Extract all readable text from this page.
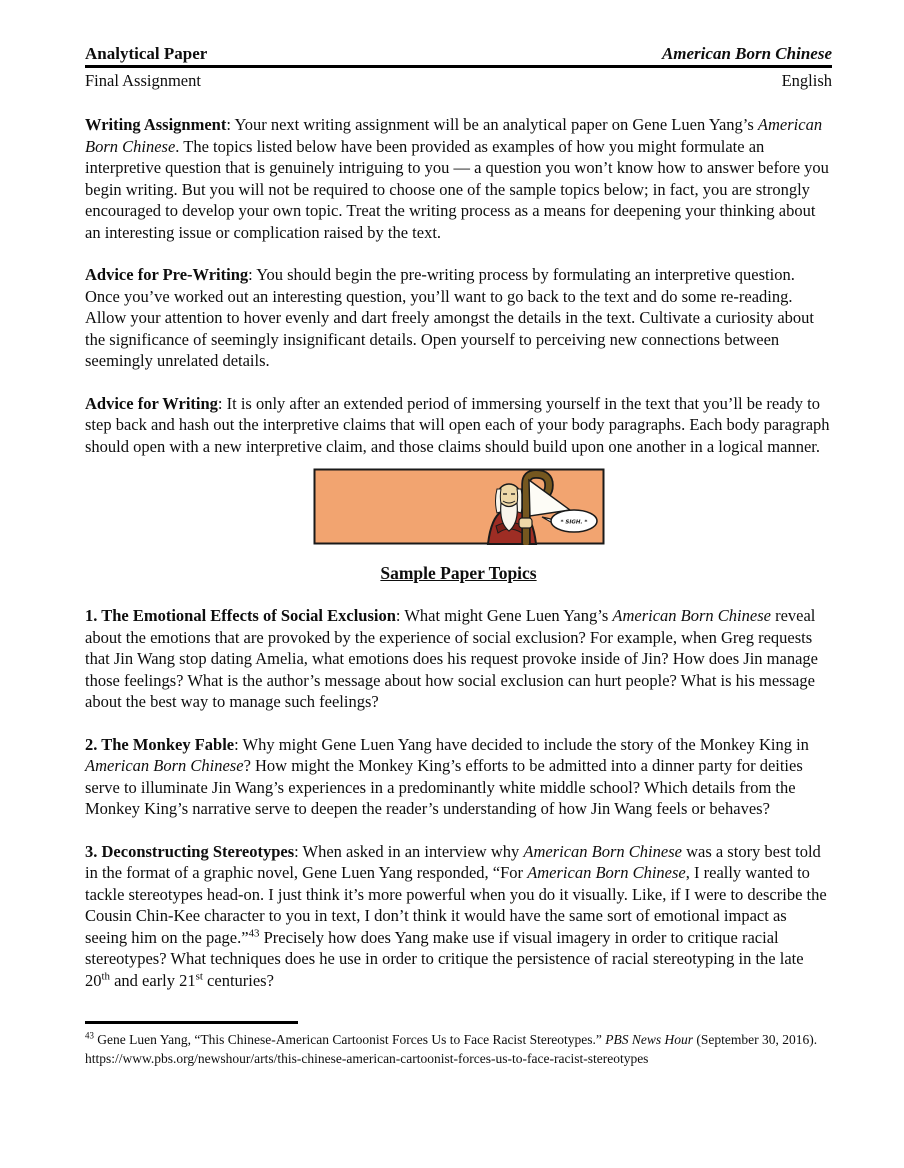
Analytical Paper	American Born Chinese
Final Assignment	English

Writing Assignment: Your next writing assignment will be an analytical paper on Gene Luen Yang’s American Born Chinese. The topics listed below have been provided as examples of how you might formulate an interpretive question that is genuinely intriguing to you — a question you won’t know how to answer before you begin writing. But you will not be required to choose one of the sample topics below; in fact, you are strongly encouraged to develop your own topic. Treat the writing process as a means for deepening your thinking about an interesting issue or complication raised by the text.

Advice for Pre-Writing: You should begin the pre-writing process by formulating an interpretive question. Once you’ve worked out an interesting question, you’ll want to go back to the text and do some re-reading. Allow your attention to hover evenly and dart freely amongst the details in the text. Cultivate a curiosity about the significance of seemingly insignificant details. Open yourself to perceiving new connections between seemingly unrelated details.

Advice for Writing: It is only after an extended period of immersing yourself in the text that you’ll be ready to step back and hash out the interpretive claims that will open each of your body paragraphs. Each body paragraph should open with a new interpretive claim, and those claims should build upon one another in a logical manner.

* SIGH. *
Sample Paper Topics

1. The Emotional Effects of Social Exclusion: What might Gene Luen Yang’s American Born Chinese reveal about the emotions that are provoked by the experience of social exclusion? For example, when Greg requests that Jin Wang stop dating Amelia, what emotions does his request provoke inside of Jin? How does Jin manage those feelings? What is the author’s message about how social exclusion can hurt people? What is his message about the best way to manage such feelings?

2. The Monkey Fable: Why might Gene Luen Yang have decided to include the story of the Monkey King in American Born Chinese? How might the Monkey King’s efforts to be admitted into a dinner party for deities serve to illuminate Jin Wang’s experiences in a predominantly white middle school? Which details from the Monkey King’s narrative serve to deepen the reader’s understanding of how Jin Wang feels or behaves?

3. Deconstructing Stereotypes: When asked in an interview why American Born Chinese was a story best told in the format of a graphic novel, Gene Luen Yang responded, “For American Born Chinese, I really wanted to tackle stereotypes head-on. I just think it’s more powerful when you do it visually. Like, if I were to describe the Cousin Chin-Kee character to you in text, I don’t think it would have the same sort of emotional impact as seeing him on the page.”$^{43}$ Precisely how does Yang make use if visual imagery in order to critique racial stereotypes? What techniques does he use in order to critique the persistence of racial stereotyping in the late 20th and early 21st centuries?

$^{43}$ Gene Luen Yang, “This Chinese-American Cartoonist Forces Us to Face Racist Stereotypes.” PBS News Hour (September 30, 2016). https://www.pbs.org/newshour/arts/this-chinese-american-cartoonist-forces-us-to-face-racist-stereotypes
